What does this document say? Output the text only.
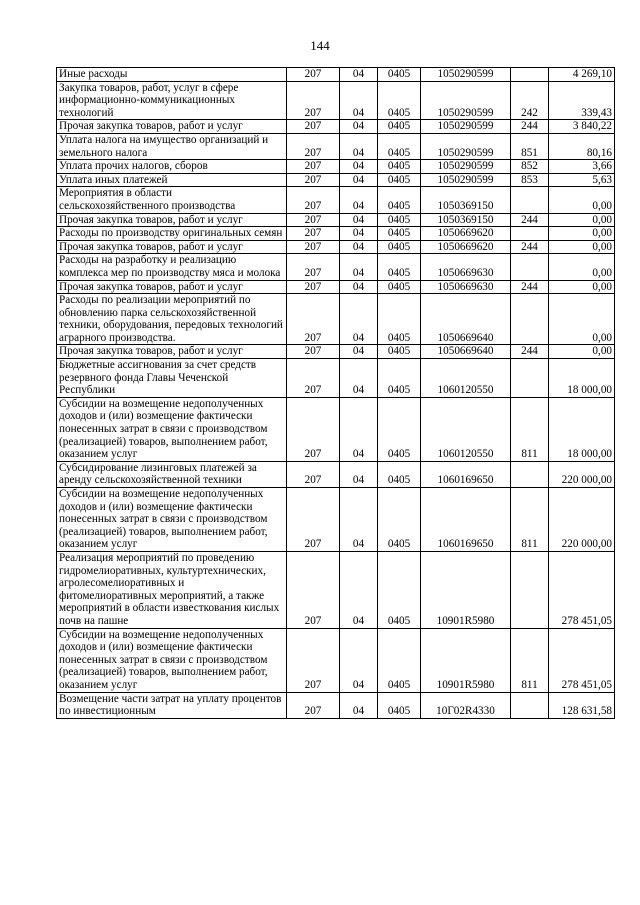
144
Иные расходы	207	04	0405	1050290599		4 269,10
Закупка товаров, работ, услуг в сфере информационно-коммуникационных технологий	207	04	0405	1050290599	242	339,43
Прочая закупка товаров, работ и услуг	207	04	0405	1050290599	244	3 840,22
Уплата налога на имущество организаций и земельного налога	207	04	0405	1050290599	851	80,16
Уплата прочих налогов, сборов	207	04	0405	1050290599	852	3,66
Уплата иных платежей	207	04	0405	1050290599	853	5,63
Мероприятия в области сельскохозяйственного производства	207	04	0405	1050369150		0,00
Прочая закупка товаров, работ и услуг	207	04	0405	1050369150	244	0,00
Расходы по производству оригинальных семян	207	04	0405	1050669620		0,00
Прочая закупка товаров, работ и услуг	207	04	0405	1050669620	244	0,00
Расходы на разработку и реализацию комплекса мер по производству мяса и молока	207	04	0405	1050669630		0,00
Прочая закупка товаров, работ и услуг	207	04	0405	1050669630	244	0,00
Расходы по реализации мероприятий по обновлению парка сельскохозяйственной техники, оборудования, передовых технологий аграрного производства.	207	04	0405	1050669640		0,00
Прочая закупка товаров, работ и услуг	207	04	0405	1050669640	244	0,00
Бюджетные ассигнования за счет средств резервного фонда Главы Чеченской Республики	207	04	0405	1060120550		18 000,00
Субсидии на возмещение недополученных доходов и (или) возмещение фактически понесенных затрат в связи с производством (реализацией) товаров, выполнением работ, оказанием услуг	207	04	0405	1060120550	811	18 000,00
Субсидирование лизинговых платежей за аренду сельскохозяйственной техники	207	04	0405	1060169650		220 000,00
Субсидии на возмещение недополученных доходов и (или) возмещение фактически понесенных затрат в связи с производством (реализацией) товаров, выполнением работ, оказанием услуг	207	04	0405	1060169650	811	220 000,00
Реализация мероприятий по проведению гидромелиоративных, культуртехнических, агролесомелиоративных и фитомелиоративных мероприятий, а также мероприятий в области известкования кислых почв на пашне	207	04	0405	10901R5980		278 451,05
Субсидии на возмещение недополученных доходов и (или) возмещение фактически понесенных затрат в связи с производством (реализацией) товаров, выполнением работ, оказанием услуг	207	04	0405	10901R5980	811	278 451,05
Возмещение части затрат на уплату процентов по инвестиционным	207	04	0405	10Г02R4330		128 631,58
